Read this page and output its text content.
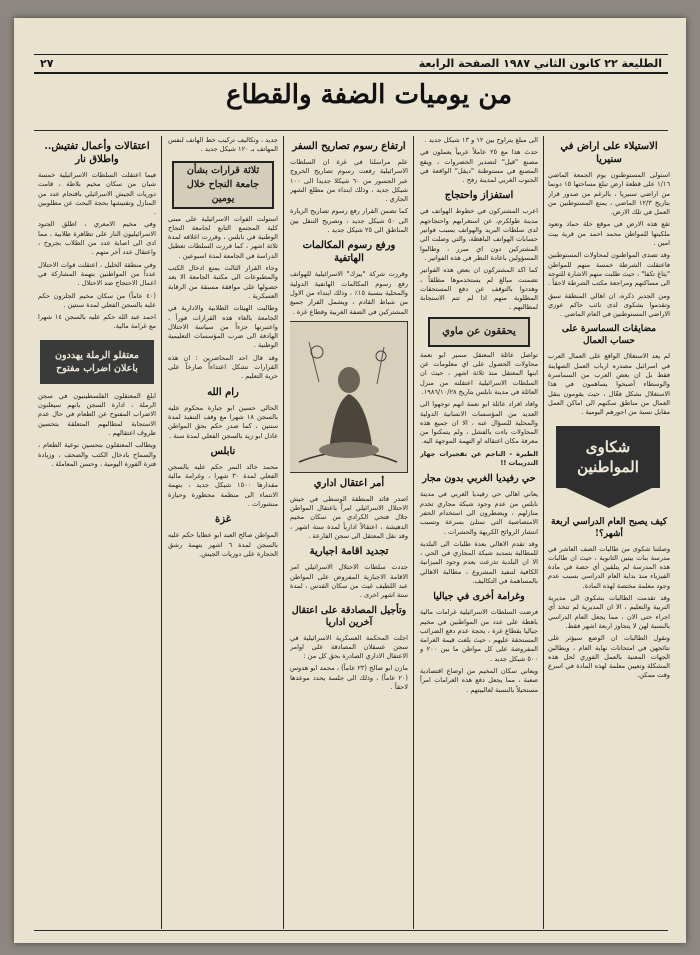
الطليعة ٢٢ كانون الثاني ١٩٨٧ الصفحة الرابعة
٢٧
من يوميات الضفة والقطاع
الاستيلاء على اراض في سنيريا

استولى المستوطنون يوم الجمعة الماضي ١/١٦ على قطعة ارض تبلغ مساحتها ١٥ دونما من اراضي سنيريا ، بالرغم من صدور قرار بتاريخ ١٢/٣ الماضي ، يمنع المستوطنين من العمل في تلك الارض.

تقع هذه الارض في موقع خلة حماد وتعود ملكيتها للمواطن محمد احمد من قرية بيت امين .

وقد تصدى المواطنون لمحاولات المستوطنين فاعتقلت الشرطة خمسة منهم للمواطن "يثاغ تكفا" ، حيث طلبت منهم الاشارة للتوجه الى مساكنهم ومراجعة مكتب الشرطة لاحقاً .

ومن الجدير ذكره، ان اهالي المنطقة سبق وتقدموا بشكوى لدى نائب حاكم عوزي الاراضي المستوطنين في العام الماضي .

مضايقات السماسرة على حساب العمال

لم يعد الاستغلال الواقع على العمال العرب في اسرائيل مصدره ارباب العمل الصهاينة فقط بل ان بعض العرب من السماسرة والوسطاء أصبحوا يساهمون في هذا الاستغلال بشكل فعّال ، حيث يقومون بنقل العمال من مناطق سكنهم الى اماكن العمل مقابل نسبة من اجورهم اليومية .

شكاوى المواطنين
كيف يصبح العام الدراسي اربعة أشهر؟!

وصلتنا شكوى من طالبات الصف العاشر في مدرسة بنات بيتين الثانوية ، حيث ان طالبات هذه المدرسة لم يتلقين أي حصة في مادة الفيزياء منذ بداية العام الدراسي بسبب عدم وجود معلمة مختصة لهذه المادة.

وقد تقدمت الطالبات بشكوى الى مديرية التربية والتعليم ، الا ان المديرية لم تتخذ أي اجراء حتى الان ، مما يجعل العام الدراسي بالنسبة لهن لا يتجاوز اربعة اشهر فقط.

وتقول الطالبات ان الوضع سيؤثر على نتائجهن في امتحانات نهاية العام ، ويطالبن الجهات المعنية بالعمل الفوري لحل هذه المشكلة وتعيين معلمة لهذه المادة في اسرع وقت ممكن.

الى مبلغ يتراوح بين ١٢ و ١٣ شيكل جديد .

حدث هذا مع ٢٥ عاملاً عربياً يعملون في مصنع "قيل" لتصدير الخضروات ، ويقع المصنع في مستوطنة "ديقل" الواقعة في الجنوب الغربي لمدينة رفح .

استفزاز واحتجاج

اعرب المشتركون في خطوط الهواتف في مدينة طولكرم، عن استغرابهم واحتجاجهم لدى سلطات البريد والهواتف بسبب فواتير حسابات الهواتف الباهظة، والتي وصلت الى المشتركين دون اي مبرر ، وطالبوا المسؤولين باعادة النظر في هذه الفواتير .

كما اكد المشتركون ان بعض هذه الفواتير تضمنت مبالغ لم يستخدموها مطلقاً ، وهددوا بالتوقف عن دفع المستحقات المطلوبة منهم اذا لم تتم الاستجابة لمطالبهم .

يحققون عن ماوي

تواصل عائلة المعتقل سمير ابو نعمة محاولات الحصول على اي معلومات عن ابنها المعتقل منذ ثلاثة اشهر ، حيث ان السلطات الاسرائيلية اعتقلته من منزل العائلة في مدينة نابلس بتاريخ ١٩٨٦/١٠/٢٨.

وافاد افراد عائلة ابو نعمة انهم توجهوا الى العديد من المؤسسات الانسانية الدولية والمحلية للسؤال عنه ، الا ان جميع هذه المحاولات باءت بالفشل ، ولم يتمكنوا من معرفة مكان اعتقاله او التهمة الموجهة اليه.

الطيرة - الناجم عن تفجيرات جهاز التدريبات !!

حي رفيديا الغربي بدون مجار

يعاني اهالي حي رفيديا الغربي في مدينة نابلس من عدم وجود شبكة مجاري تخدم منازلهم ، ويضطرون الى استخدام الحفر الامتصاصية التي تمتلئ بسرعة وتسبب انتشار الروائح الكريهة والحشرات .

وقد تقدم الاهالي بعدة طلبات الى البلدية للمطالبة بتمديد شبكة المجاري في الحي ، الا ان البلدية تذرعت بعدم وجود الميزانية الكافية لتنفيذ المشروع ، مطالبة الاهالي بالمساهمة في التكاليف.

وغرامة أخرى في جباليا

فرضت السلطات الاسرائيلية غرامات مالية باهظة على عدد من المواطنين في مخيم جباليا بقطاع غزة ، بحجة عدم دفع الضرائب المستحقة عليهم ، حيث بلغت قيمة الغرامة المفروضة على كل مواطن ما بين ٢٠٠ و ٥٠٠ شيكل جديد .

ويعاني سكان المخيم من اوضاع اقتصادية صعبة ، مما يجعل دفع هذه الغرامات امراً مستحيلاً بالنسبة لغالبيتهم .

ارتفاع رسوم تصاريح السفر

علم مراسلنا في غزة ان السلطات الاسرائيلية رفعت رسوم تصاريح الخروج عبر الجسور من ٦٠ شيكلا جديدا الى ١٠٠ شيكل جديد ، وذلك ابتداء من مطلع الشهر الجاري .

كما تضمن القرار رفع رسوم تصاريح الزيارة الى ٥٠ شيكل جديد ، وتصريح التنقل بين المناطق الى ٢٥ شيكل جديد .

ورفع رسوم المكالمات الهاتفية

وقررت شركة "بيزك" الاسرائيلية للهواتف رفع رسوم المكالمات الهاتفية الدولية والمحلية بنسبة ١٥٪ ، وذلك ابتداء من الاول من شباط القادم ، ويشمل القرار جميع المشتركين في الضفة الغربية وقطاع غزة .

أمر اعتقال اداري

اصدر قائد المنطقة الوسطى في جيش الاحتلال الاسرائيلي امراً باعتقال المواطن جلال فتحي الكرادي من سكان مخيم الدهيشة ، اعتقالاً ادارياً لمدة ستة اشهر ، وقد نقل المعتقل الى سجن الفارعة .

تجديد اقامة اجبارية

جددت سلطات الاحتلال الاسرائيلي امر الاقامة الاجبارية المفروض على المواطن عبد اللطيف غيث من سكان القدس ، لمدة ستة اشهر اخرى .

وتأجيل المصادقة على اعتقال آخرين اداريا

اجلت المحكمة العسكرية الاسرائيلية في سجن عسقلان المصادقة على اوامر الاعتقال الاداري الصادرة بحق كل من :

مازن ابو صالح (٢٣ عاماً) ، محمد ابو هدوس (٢٠ عاماً) ، وذلك الى جلسة يحدد موعدها لاحقاً .

جديد ، وتكاليف تركيب خط الهاتف لنفس المهاتف بـ ١٢٠ شيكل جديد .

ثلاثة قرارات بشأن جامعة النجاح خلال يومين

استولت القوات الاسرائيلية على مبنى كلية المجتمع التابع لجامعة النجاح الوطنية في نابلس ، وقررت اغلاقه لمدة ثلاثة اشهر ، كما قررت السلطات تعطيل الدراسة في الجامعة لمدة اسبوعين .

وجاء القرار الثالث بمنع ادخال الكتب والمطبوعات الى مكتبة الجامعة الا بعد حصولها على موافقة مسبقة من الرقابة العسكرية .

وطالبت الهيئات الطلابية والادارية في الجامعة بالغاء هذه القرارات فوراً ، واعتبرتها جزءاً من سياسة الاحتلال الهادفة الى ضرب المؤسسات التعليمية الوطنية .

وقد قال احد المحاضرين : ان هذه القرارات تشكل اعتداءاً صارخاً على حرية التعليم .

رام الله

الحالي حسين ابو جبارة محكوم عليه بالسجن ١٨ شهرا مع وقف التنفيذ لمدة سنتين ، كما صدر حكم بحق المواطن عادل ابو زيد بالسجن الفعلي لمدة سنة .

نابلس

محمد خالد النمر حكم عليه بالسجن الفعلي لمدة ٣٠ شهرا ، وغرامة مالية مقدارها ١٥٠٠ شيكل جديد ، بتهمة الانتماء الى منظمة محظورة وحيازة منشورات .

غزة

المواطن صالح العبد ابو عطايا حكم عليه بالسجن لمدة ٦ اشهر بتهمة رشق الحجارة على دوريات الجيش.

اعتقالات وأعمال تفتيش.. واطلاق نار

فيما اعتقلت السلطات الاسرائيلية خمسة شبان من سكان مخيم بلاطة ، قامت دوريات الجيش الاسرائيلي باقتحام عدد من المنازل وتفتيشها بحجة البحث عن مطلوبين .

وفي مخيم الامعري ، اطلق الجنود الاسرائيليون النار على تظاهرة طلابية ، مما ادى الى اصابة عدد من الطلاب بجروح ، واعتقال عدد آخر منهم .

وفي منطقة الخليل ، اعتقلت قوات الاحتلال عدداً من المواطنين بتهمة المشاركة في اعمال الاحتجاج ضد الاحتلال .

(٤٠ عاماً) من سكان مخيم الجلزون حكم عليه بالسجن الفعلي لمدة سنتين .

احمد عبد الله حكم عليه بالسجن ١٤ شهرا مع غرامة مالية.

معتقلو الرملة يهددون باعلان اضراب مفتوح

ابلغ المعتقلون الفلسطينيون في سجن الرملة ، ادارة السجن بانهم سيعلنون الاضراب المفتوح عن الطعام في حال عدم الاستجابة لمطالبهم المتعلقة بتحسين ظروف اعتقالهم .

ويطالب المعتقلون بتحسين نوعية الطعام ، والسماح بادخال الكتب والصحف ، وزيادة فترة الفورة اليومية ، وحسن المعاملة .
